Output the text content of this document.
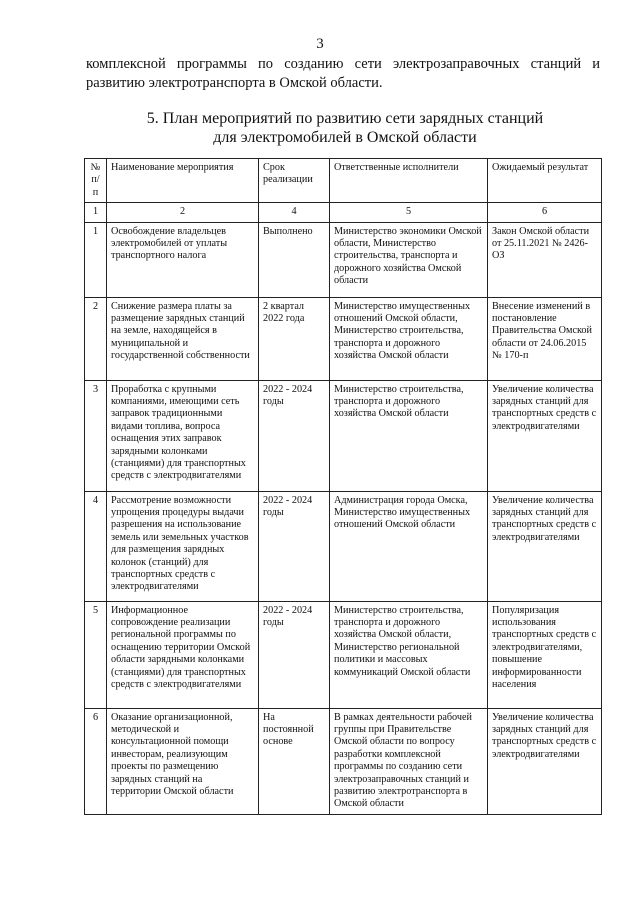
3

комплексной программы по созданию сети электрозаправочных станций и развитию электротранспорта в Омской области.

5. План мероприятий по развитию сети зарядных станций
для электромобилей в Омской области
№ п/п	Наименование мероприятия	Срок реализации	Ответственные исполнители	Ожидаемый результат
1	2	4	5	6
1	Освобождение владельцев электромобилей от уплаты транспортного налога	Выполнено	Министерство экономики Омской области, Министерство строительства, транспорта и дорожного хозяйства Омской области	Закон Омской области от 25.11.2021 № 2426-ОЗ
2	Снижение размера платы за размещение зарядных станций на земле, находящейся в муниципальной и государственной собственности	2 квартал 2022 года	Министерство имущественных отношений Омской области, Министерство строительства, транспорта и дорожного хозяйства Омской области	Внесение изменений в постановление Правительства Омской области от 24.06.2015 № 170-п
3	Проработка с крупными компаниями, имеющими сеть заправок традиционными видами топлива, вопроса оснащения этих заправок зарядными колонками (станциями) для транспортных средств с электродвигателями	2022 - 2024 годы	Министерство строительства, транспорта и дорожного хозяйства Омской области	Увеличение количества зарядных станций для транспортных средств с электродвигателями
4	Рассмотрение возможности упрощения процедуры выдачи разрешения на использование земель или земельных участков для размещения зарядных колонок (станций) для транспортных средств с электродвигателями	2022 - 2024 годы	Администрация города Омска, Министерство имущественных отношений Омской области	Увеличение количества зарядных станций для транспортных средств с электродвигателями
5	Информационное сопровождение реализации региональной программы по оснащению территории Омской области зарядными колонками (станциями) для транспортных средств с электродвигателями	2022 - 2024 годы	Министерство строительства, транспорта и дорожного хозяйства Омской области, Министерство региональной политики и массовых коммуникаций Омской области	Популяризация использования транспортных средств с электродвигателями, повышение информированности населения
6	Оказание организационной, методической и консультационной помощи инвесторам, реализующим проекты по размещению зарядных станций на территории Омской области	На постоянной основе	В рамках деятельности рабочей группы при Правительстве Омской области по вопросу разработки комплексной программы по созданию сети электрозаправочных станций и развитию электротранспорта в Омской области	Увеличение количества зарядных станций для транспортных средств с электродвигателями
